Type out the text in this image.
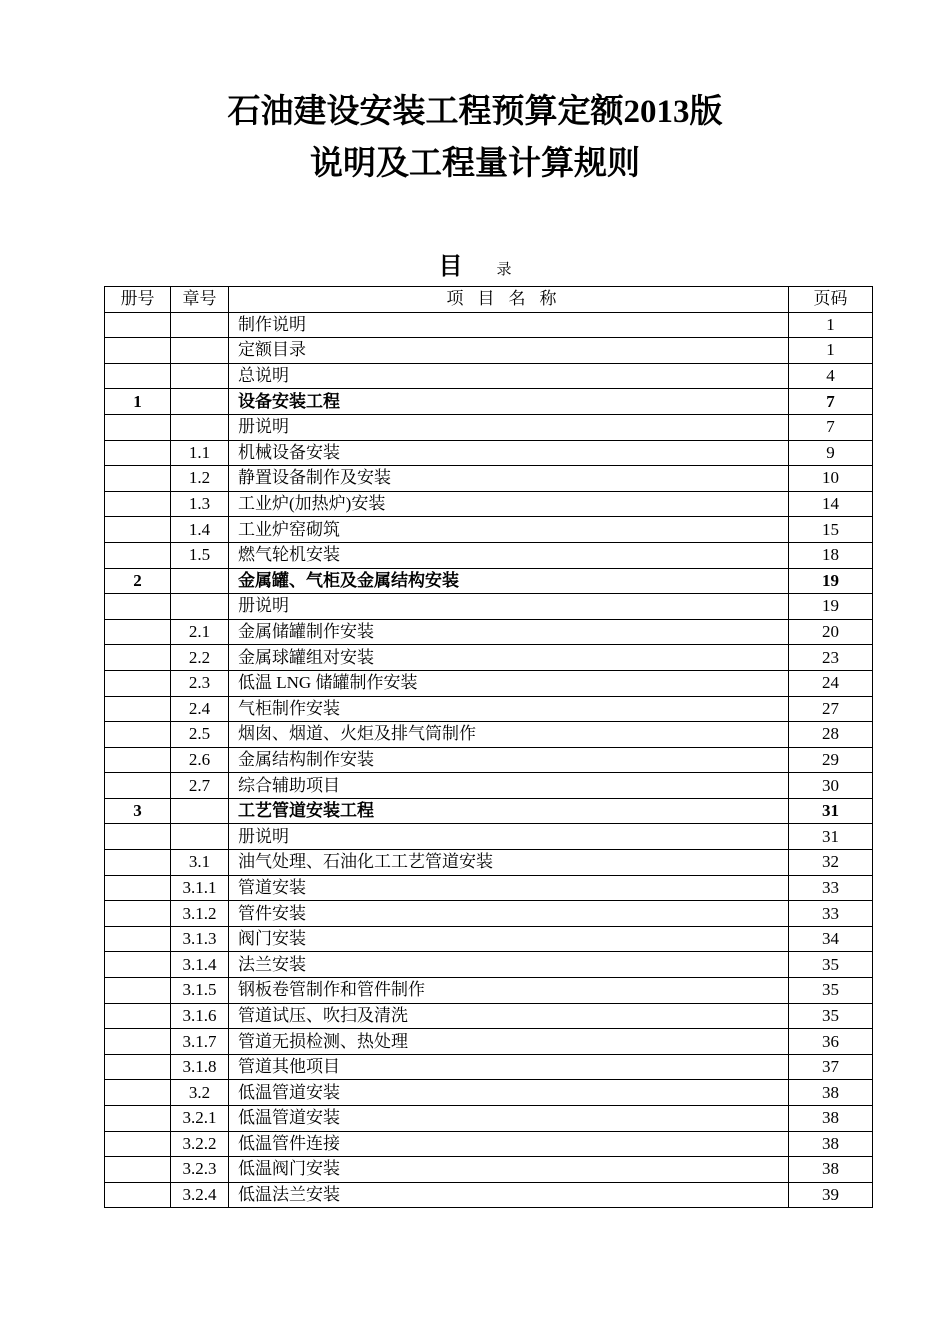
石油建设安装工程预算定额2013版
说明及工程量计算规则
目 录
册号	章号	项目名称	页码
		制作说明	1
		定额目录	1
		总说明	4
1		设备安装工程	7
		册说明	7
	1.1	机械设备安装	9
	1.2	静置设备制作及安装	10
	1.3	工业炉(加热炉)安装	14
	1.4	工业炉窑砌筑	15
	1.5	燃气轮机安装	18
2		金属罐、气柜及金属结构安装	19
		册说明	19
	2.1	金属储罐制作安装	20
	2.2	金属球罐组对安装	23
	2.3	低温 LNG 储罐制作安装	24
	2.4	气柜制作安装	27
	2.5	烟囱、烟道、火炬及排气筒制作	28
	2.6	金属结构制作安装	29
	2.7	综合辅助项目	30
3		工艺管道安装工程	31
		册说明	31
	3.1	油气处理、石油化工工艺管道安装	32
	3.1.1	管道安装	33
	3.1.2	管件安装	33
	3.1.3	阀门安装	34
	3.1.4	法兰安装	35
	3.1.5	钢板卷管制作和管件制作	35
	3.1.6	管道试压、吹扫及清洗	35
	3.1.7	管道无损检测、热处理	36
	3.1.8	管道其他项目	37
	3.2	低温管道安装	38
	3.2.1	低温管道安装	38
	3.2.2	低温管件连接	38
	3.2.3	低温阀门安装	38
	3.2.4	低温法兰安装	39
